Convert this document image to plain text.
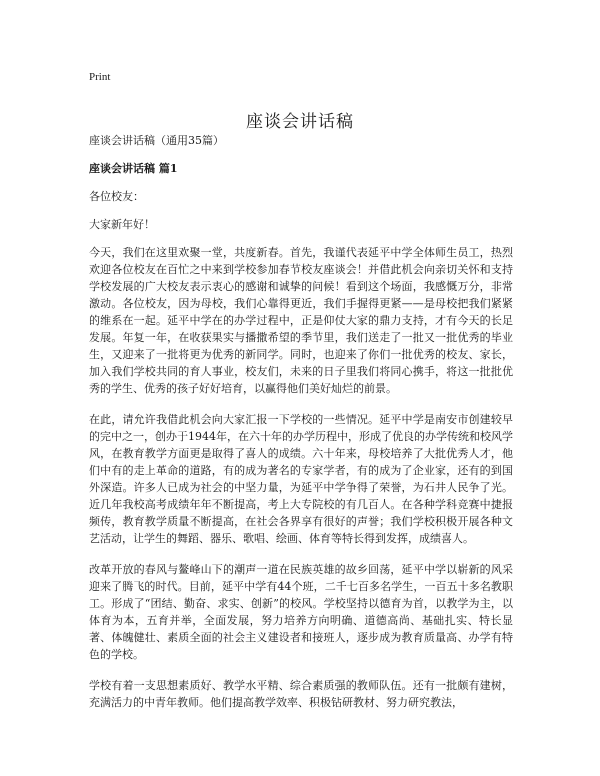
Print
座谈会讲话稿

座谈会讲话稿（通用35篇）

座谈会讲话稿 篇1

各位校友：

大家新年好！

今天，我们在这里欢聚一堂，共度新春。首先，我谨代表延平中学全体师生员工，热烈欢迎各位校友在百忙之中来到学校参加春节校友座谈会！并借此机会向亲切关怀和支持学校发展的广大校友表示衷心的感谢和诚挚的问候！看到这个场面，我感慨万分，非常激动。各位校友，因为母校，我们心靠得更近，我们手握得更紧——是母校把我们紧紧的维系在一起。延平中学在的办学过程中，正是仰仗大家的鼎力支持，才有今天的长足发展。年复一年，在收获果实与播撒希望的季节里，我们送走了一批又一批优秀的毕业生，又迎来了一批将更为优秀的新同学。同时，也迎来了你们一批优秀的校友、家长，加入我们学校共同的育人事业，校友们，未来的日子里我们将同心携手，将这一批批优秀的学生、优秀的孩子好好培育，以赢得他们美好灿烂的前景。

在此，请允许我借此机会向大家汇报一下学校的一些情况。延平中学是南安市创建较早的完中之一，创办于1944年，在六十年的办学历程中，形成了优良的办学传统和校风学风，在教育教学方面更是取得了喜人的成绩。六十年来，母校培养了大批优秀人才，他们中有的走上革命的道路，有的成为著名的专家学者，有的成为了企业家，还有的到国外深造。许多人已成为社会的中坚力量，为延平中学争得了荣誉，为石井人民争了光。近几年我校高考成绩年年不断提高，考上大专院校的有几百人。在各种学科竞赛中捷报频传，教育教学质量不断提高，在社会各界享有很好的声誉；我们学校积极开展各种文艺活动，让学生的舞蹈、器乐、歌唱、绘画、体育等特长得到发挥，成绩喜人。

改革开放的春风与鳌峰山下的潮声一道在民族英雄的故乡回荡，延平中学以崭新的风采迎来了腾飞的时代。目前，延平中学有44个班，二千七百多名学生，一百五十多名教职工。形成了“团结、勤奋、求实、创新”的校风。学校坚持以德育为首，以教学为主，以体育为本，五育并举，全面发展，努力培养方向明确、道德高尚、基础扎实、特长显著、体魄健壮、素质全面的社会主义建设者和接班人，逐步成为教育质量高、办学有特色的学校。

学校有着一支思想素质好、教学水平精、综合素质强的教师队伍。还有一批颇有建树，充满活力的中青年教师。他们提高教学效率、积极钻研教材、努力研究教法，
